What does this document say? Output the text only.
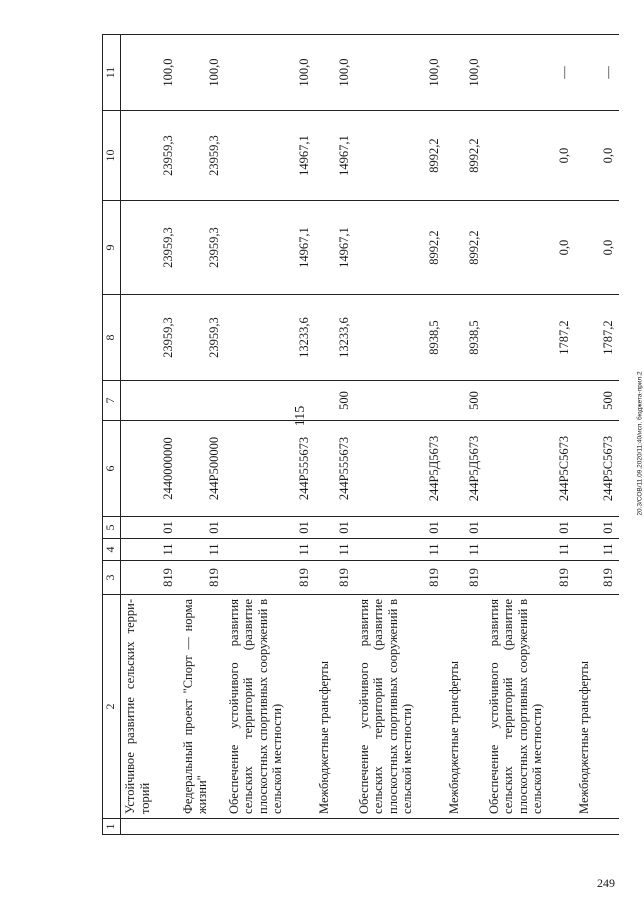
115	20.3/СОВ/11.09.2020/11:40/исп. бюджета-прил.2
249
1	2	3	4	5	6	7	8	9	10	11
	Устойчивое развитие сельских терри- торий	819	11	01	2440000000		23959,3	23959,3	23959,3	100,0
	Федеральный проект "Спорт — норма жизни"	819	11	01	244P500000		23959,3	23959,3	23959,3	100,0
	Обеспечение устойчивого развития сельских территорий (развитие плоскостных спортивных сооружений в сельской местности)	819	11	01	244P555673		13233,6	14967,1	14967,1	100,0
	Межбюджетные трансферты	819	11	01	244P555673	500	13233,6	14967,1	14967,1	100,0
	Обеспечение устойчивого развития сельских территорий (развитие плоскостных спортивных сооружений в сельской местности)	819	11	01	244P5Д5673		8938,5	8992,2	8992,2	100,0
	Межбюджетные трансферты	819	11	01	244P5Д5673	500	8938,5	8992,2	8992,2	100,0
	Обеспечение устойчивого развития сельских территорий (развитие плоскостных спортивных сооружений в сельской местности)	819	11	01	244P5C5673		1787,2	0,0	0,0	—
	Межбюджетные трансферты	819	11	01	244P5C5673	500	1787,2	0,0	0,0	—
